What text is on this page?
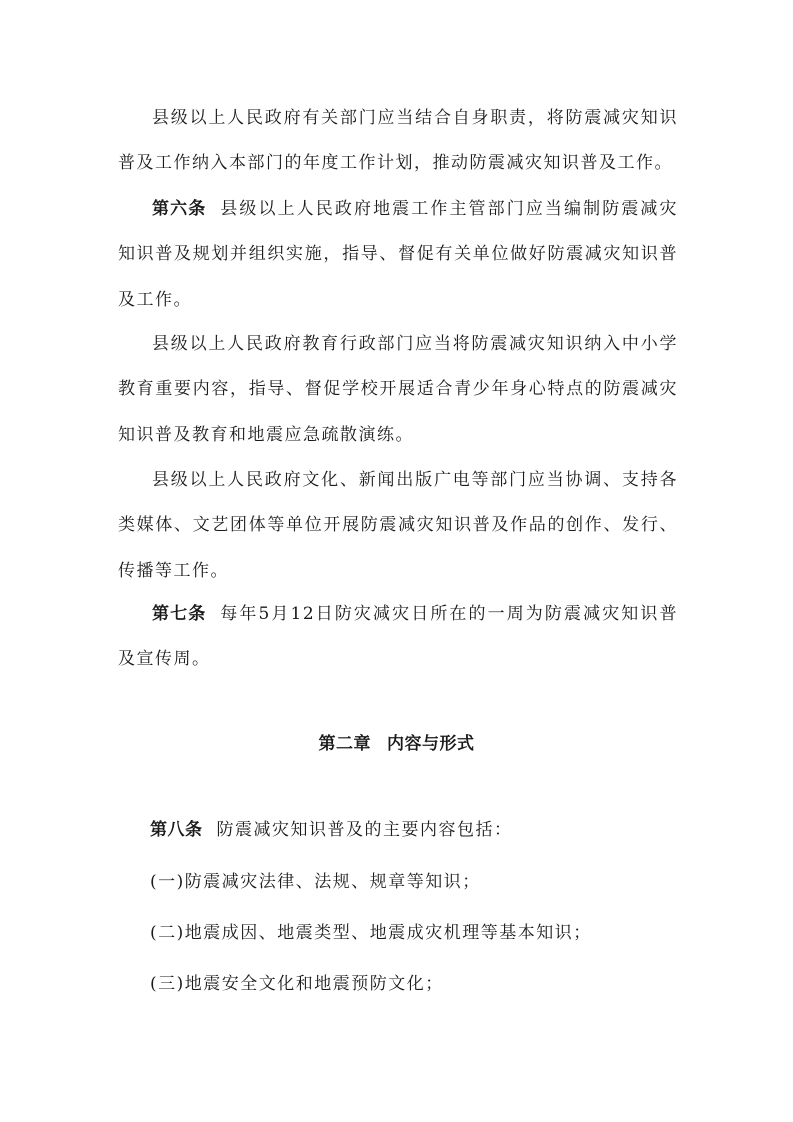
县级以上人民政府有关部门应当结合自身职责，将防震减灾知识普及工作纳入本部门的年度工作计划，推动防震减灾知识普及工作。

第六条 县级以上人民政府地震工作主管部门应当编制防震减灾知识普及规划并组织实施，指导、督促有关单位做好防震减灾知识普及工作。

县级以上人民政府教育行政部门应当将防震减灾知识纳入中小学教育重要内容，指导、督促学校开展适合青少年身心特点的防震减灾知识普及教育和地震应急疏散演练。

县级以上人民政府文化、新闻出版广电等部门应当协调、支持各类媒体、文艺团体等单位开展防震减灾知识普及作品的创作、发行、传播等工作。

第七条 每年5月12日防灾减灾日所在的一周为防震减灾知识普及宣传周。

第二章 内容与形式

第八条 防震减灾知识普及的主要内容包括：

(一)防震减灾法律、法规、规章等知识；

(二)地震成因、地震类型、地震成灾机理等基本知识；

(三)地震安全文化和地震预防文化；
